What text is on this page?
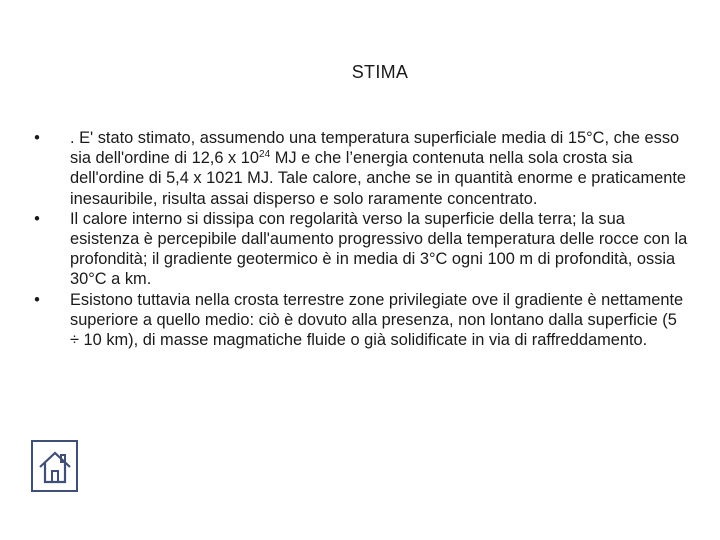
STIMA
• . E' stato stimato, assumendo una temperatura superficiale media di 15°C, che esso sia dell'ordine di 12,6 x $10^{24}$ MJ e che l’energia contenuta nella sola crosta sia dell'ordine di 5,4 x 1021 MJ. Tale calore, anche se in quantità enorme e praticamente inesauribile, risulta assai disperso e solo raramente concentrato.
• Il calore interno si dissipa con regolarità verso la superficie della terra; la sua esistenza è percepibile dall'aumento progressivo della temperatura delle rocce con la profondità; il gradiente geotermico è in media di 3°C ogni 100 m di profondità, ossia 30°C a km.
• Esistono tuttavia nella crosta terrestre zone privilegiate ove il gradiente è nettamente superiore a quello medio: ciò è dovuto alla presenza, non lontano dalla superficie (5 ÷ 10 km), di masse magmatiche fluide o già solidificate in via di raffreddamento.
